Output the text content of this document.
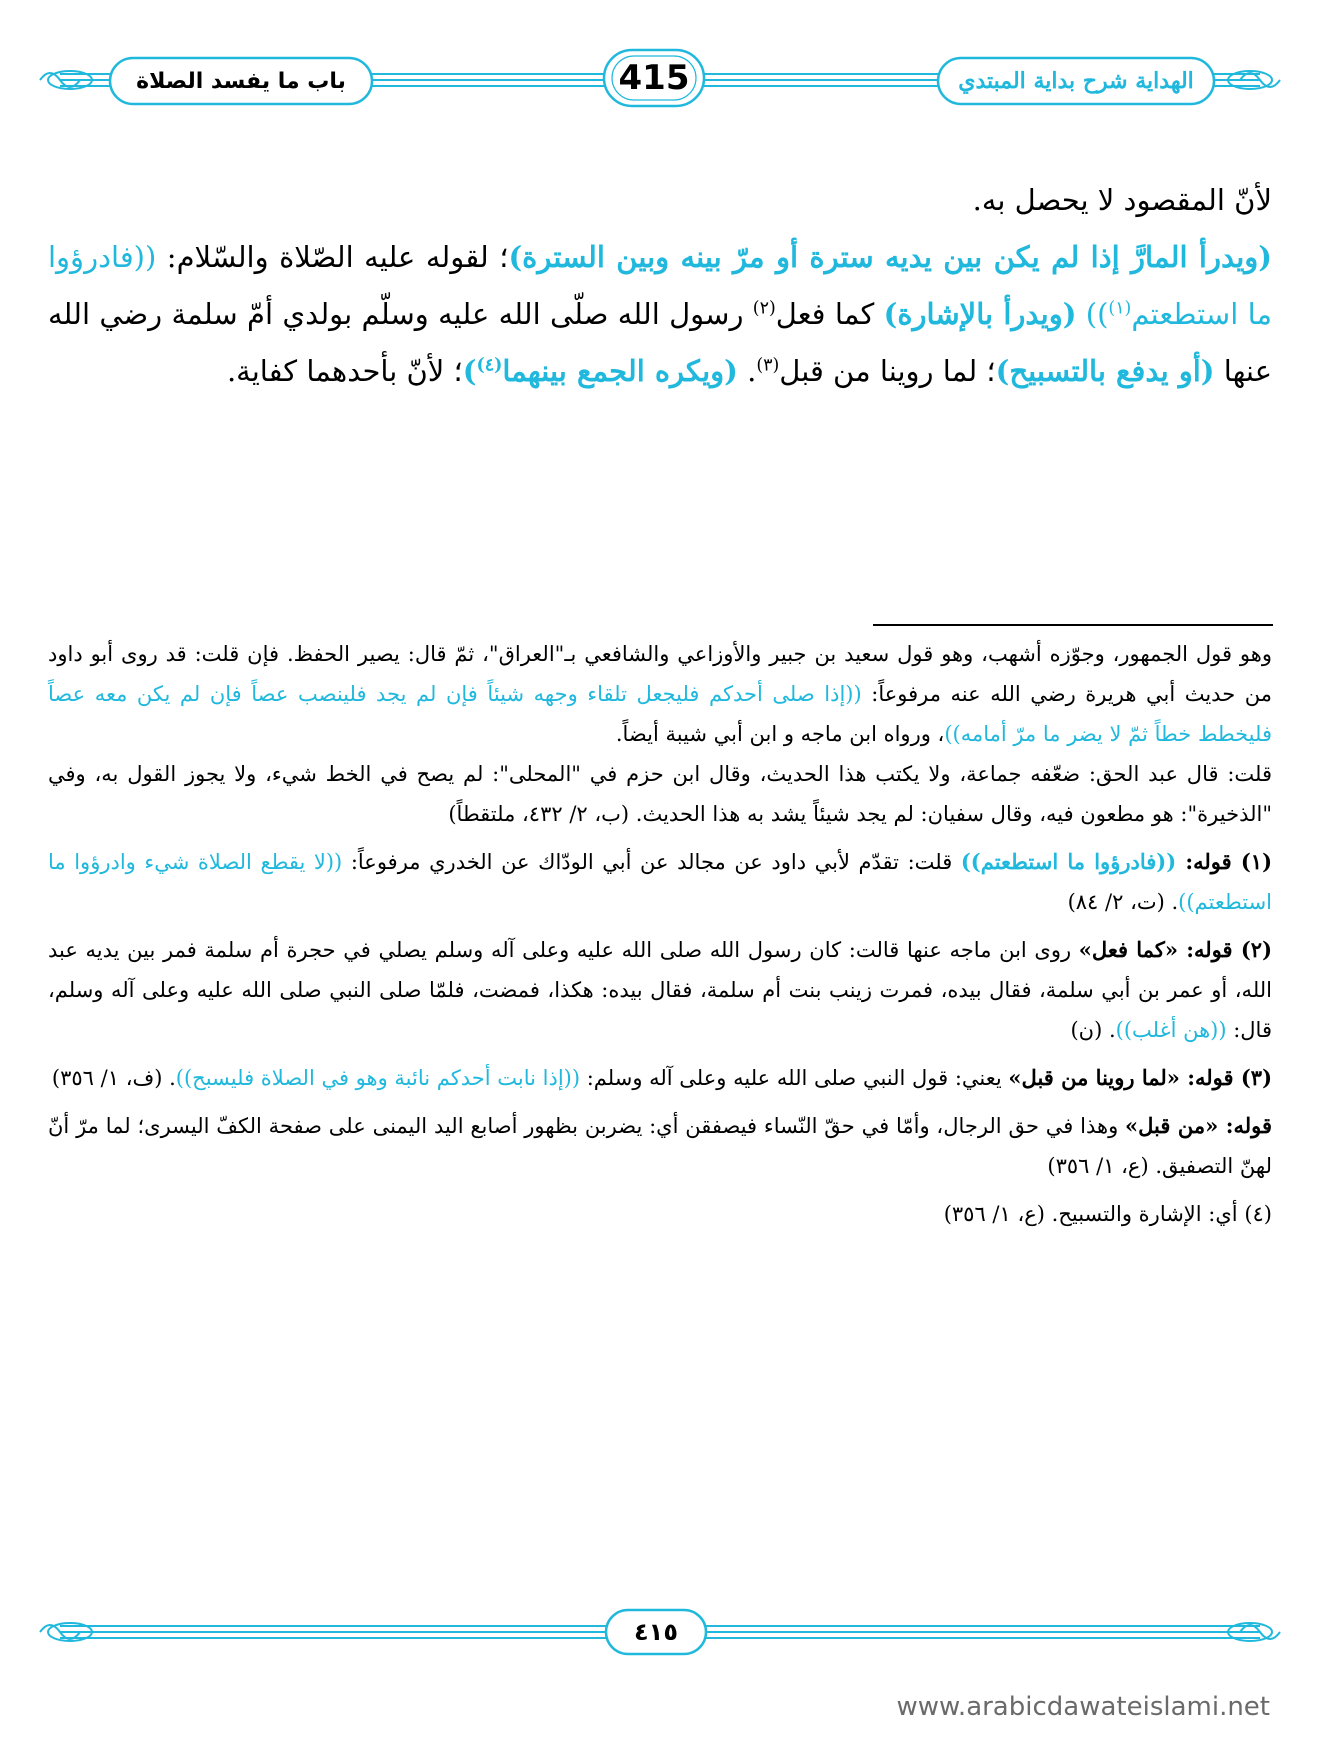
باب ما يفسد الصلاة	415	الهداية شرح بداية المبتدي

لأنّ المقصود لا يحصل به.

(ويدرأ المارَّ إذا لم يكن بين يديه سترة أو مرّ بينه وبين السترة)؛ لقوله عليه الصّلاة والسّلام: ((فادرؤوا ما استطعتم$^{(١)}$)) (ويدرأ بالإشارة) كما فعل$^{(٢)}$ رسول الله صلّى الله عليه وسلّم بولدي أمّ سلمة رضي الله عنها (أو يدفع بالتسبيح)؛ لما روينا من قبل$^{(٣)}$. (ويكره الجمع بينهما$^{(٤)}$)؛ لأنّ بأحدهما كفاية.

وهو قول الجمهور، وجوّزه أشهب، وهو قول سعيد بن جبير والأوزاعي والشافعي بـ"العراق"، ثمّ قال: يصير الحفظ. فإن قلت: قد روى أبو داود من حديث أبي هريرة رضي الله عنه مرفوعاً: ((إذا صلى أحدكم فليجعل تلقاء وجهه شيئاً فإن لم يجد فلينصب عصاً فإن لم يكن معه عصاً فليخطط خطاً ثمّ لا يضر ما مرّ أمامه))، ورواه ابن ماجه و ابن أبي شيبة أيضاً.

قلت: قال عبد الحق: ضعّفه جماعة، ولا يكتب هذا الحديث، وقال ابن حزم في "المحلى": لم يصح في الخط شيء، ولا يجوز القول به، وفي "الذخيرة": هو مطعون فيه، وقال سفيان: لم يجد شيئاً يشد به هذا الحديث. (ب، ٢/ ٤٣٢، ملتقطاً)

(١) قوله: ((فادرؤوا ما استطعتم)) قلت: تقدّم لأبي داود عن مجالد عن أبي الودّاك عن الخدري مرفوعاً: ((لا يقطع الصلاة شيء وادرؤوا ما استطعتم)). (ت، ٢/ ٨٤)

(٢) قوله: «كما فعل» روى ابن ماجه عنها قالت: كان رسول الله صلى الله عليه وعلى آله وسلم يصلي في حجرة أم سلمة فمر بين يديه عبد الله، أو عمر بن أبي سلمة، فقال بيده، فمرت زينب بنت أم سلمة، فقال بيده: هكذا، فمضت، فلمّا صلى النبي صلى الله عليه وعلى آله وسلم، قال: ((هن أغلب)). (ن)

(٣) قوله: «لما روينا من قبل» يعني: قول النبي صلى الله عليه وعلى آله وسلم: ((إذا نابت أحدكم نائبة وهو في الصلاة فليسبح)). (ف، ١/ ٣٥٦)

قوله: «من قبل» وهذا في حق الرجال، وأمّا في حقّ النّساء فيصفقن أي: يضربن بظهور أصابع اليد اليمنى على صفحة الكفّ اليسرى؛ لما مرّ أنّ لهنّ التصفيق. (ع، ١/ ٣٥٦)

(٤) أي: الإشارة والتسبيح. (ع، ١/ ٣٥٦)

٤١٥
www.arabicdawateislami.net
